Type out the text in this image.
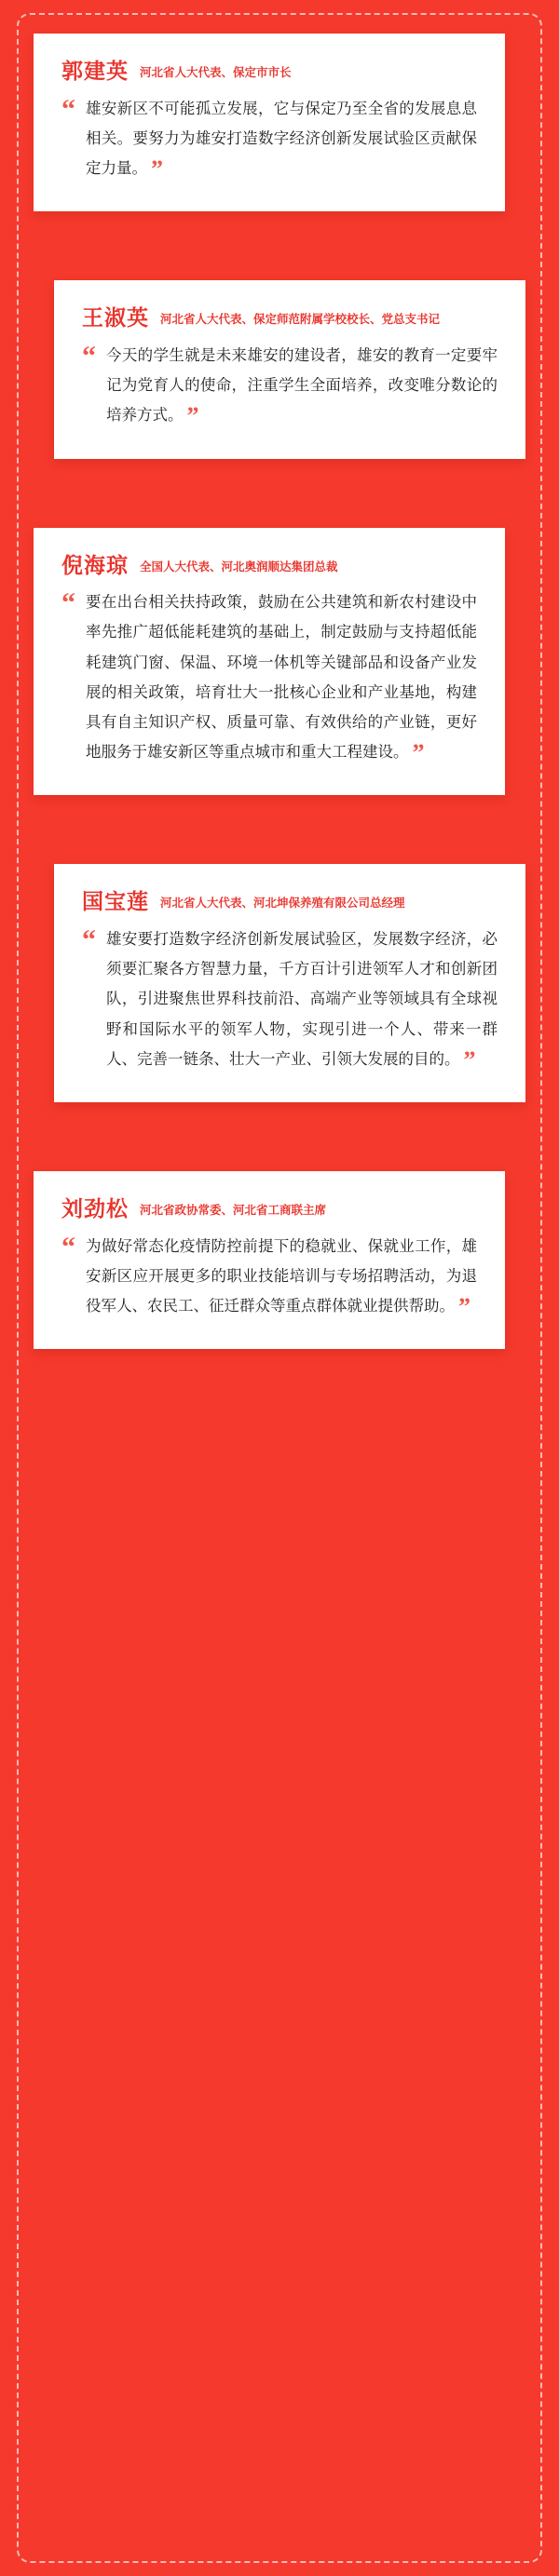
郭建英 河北省人大代表、保定市市长
“ 雄安新区不可能孤立发展，它与保定乃至全省的发展息息相关。要努力为雄安打造数字经济创新发展试验区贡献保定力量。 ”

王淑英 河北省人大代表、保定师范附属学校校长、党总支书记
“ 今天的学生就是未来雄安的建设者，雄安的教育一定要牢记为党育人的使命，注重学生全面培养，改变唯分数论的培养方式。 ”

倪海琼 全国人大代表、河北奥润顺达集团总裁
“ 要在出台相关扶持政策，鼓励在公共建筑和新农村建设中率先推广超低能耗建筑的基础上，制定鼓励与支持超低能耗建筑门窗、保温、环境一体机等关键部品和设备产业发展的相关政策，培育壮大一批核心企业和产业基地，构建具有自主知识产权、质量可靠、有效供给的产业链，更好地服务于雄安新区等重点城市和重大工程建设。 ”

国宝莲 河北省人大代表、河北坤保养殖有限公司总经理
“ 雄安要打造数字经济创新发展试验区，发展数字经济，必须要汇聚各方智慧力量，千方百计引进领军人才和创新团队，引进聚焦世界科技前沿、高端产业等领域具有全球视野和国际水平的领军人物，实现引进一个人、带来一群人、完善一链条、壮大一产业、引领大发展的目的。 ”

刘劲松 河北省政协常委、河北省工商联主席
“ 为做好常态化疫情防控前提下的稳就业、保就业工作，雄安新区应开展更多的职业技能培训与专场招聘活动，为退役军人、农民工、征迁群众等重点群体就业提供帮助。 ”
